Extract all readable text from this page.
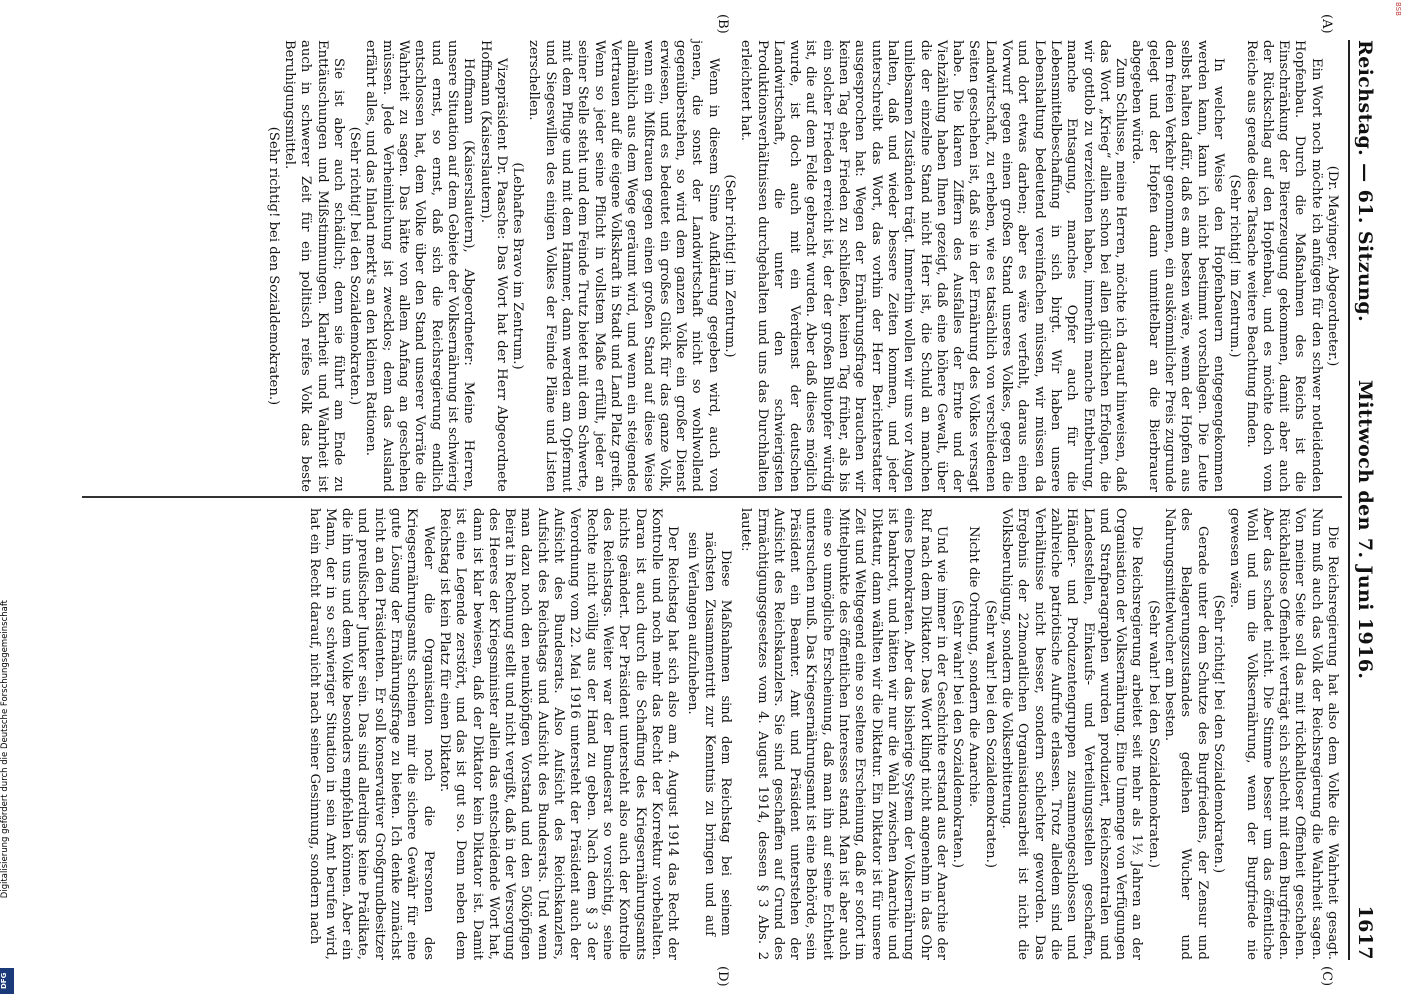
Reichstag. — 61. Sitzung.
Mittwoch den 7. Juni 1916.
1617
(A)
(B)
(C)
(D)

(Dr. Mayinger, Abgeordneter.)

Ein Wort noch möchte ich anfügen für den schwer notleidenden Hopfenbau. Durch die Maßnahmen des Reichs ist die Einschränkung der Biererzeugung gekommen, damit aber auch der Rückschlag auf den Hopfenbau, und es möchte doch vom Reiche aus gerade diese Tatsache weitere Beachtung finden.

(Sehr richtig! im Zentrum.)

In welcher Weise den Hopfenbauern entgegengekommen werden kann, kann ich nicht bestimmt vorschlagen. Die Leute selbst halten dafür, daß es am besten wäre, wenn der Hopfen aus dem freien Verkehr genommen, ein auskömmlicher Preis zugrunde gelegt und der Hopfen dann unmittelbar an die Bierbrauer abgegeben würde.

Zum Schlusse, meine Herren, möchte ich darauf hinweisen, daß das Wort „Krieg“ allein schon bei allen glücklichen Erfolgen, die wir gottlob zu verzeichnen haben, immerhin manche Entbehrung, manche Entsagung, manches Opfer auch für die Lebensmittelbeschaffung in sich birgt. Wir haben unsere Lebenshaltung bedeutend vereinfachen müssen, wir müssen da und dort etwas darben; aber es wäre verfehlt, daraus einen Vorwurf gegen einen großen Stand unseres Volkes, gegen die Landwirtschaft, zu erheben, wie es tatsächlich von verschiedenen Seiten geschehen ist, daß sie in der Ernährung des Volkes versagt habe. Die klaren Ziffern des Ausfalles der Ernte und der Viehzählung haben Ihnen gezeigt, daß eine höhere Gewalt, über die der einzelne Stand nicht Herr ist, die Schuld an manchen unliebsamen Zuständen trägt. Immerhin wollen wir uns vor Augen halten, daß und wieder bessere Zeiten kommen, und jeder unterschreibt das Wort, das vorhin der Herr Berichterstatter ausgesprochen hat: Wegen der Ernährungsfrage brauchen wir keinen Tag eher Frieden zu schließen, keinen Tag früher, als bis ein solcher Frieden erreicht ist, der der großen Blutopfer würdig ist, die auf dem Felde gebracht wurden. Aber daß dieses möglich wurde, ist doch auch mit ein Verdienst der deutschen Landwirtschaft, die unter den schwierigsten Produktionsverhältnissen durchgehalten und uns das Durchhalten erleichtert hat.

(Sehr richtig! im Zentrum.)

Wenn in diesem Sinne Aufklärung gegeben wird, auch von jenen, die sonst der Landwirtschaft nicht so wohlwollend gegenüberstehen, so wird dem ganzen Volke ein großer Dienst erwiesen, und es bedeutet ein großes Glück für das ganze Volk, wenn ein Mißtrauen gegen einen großen Stand auf diese Weise allmählich aus dem Wege geräumt wird, und wenn ein steigendes Vertrauen auf die eigene Volkskraft in Stadt und Land Platz greift. Wenn so jeder seine Pflicht in vollstem Maße erfüllt, jeder an seiner Stelle steht und dem Feinde Trutz bietet mit dem Schwerte, mit dem Pfluge und mit dem Hammer, dann werden am Opfermut und Siegeswillen des einigen Volkes der Feinde Pläne und Listen zerschellen.

(Lebhaftes Bravo im Zentrum.)

Vizepräsident Dr. Paasche: Das Wort hat der Herr Abgeordnete Hoffmann (Kaiserslautern).

Hoffmann (Kaiserslautern), Abgeordneter: Meine Herren, unsere Situation auf dem Gebiete der Volksernährung ist schwierig und ernst, so ernst, daß sich die Reichsregierung endlich entschlossen hat, dem Volke über den Stand unserer Vorräte die Wahrheit zu sagen. Das hätte von allem Anfang an geschehen müssen. Jede Verheimlichung ist zwecklos; denn das Ausland erfährt alles, und das Inland merkt's an den kleinen Rationen.

(Sehr richtig! bei den Sozialdemokraten.)

Sie ist aber auch schädlich; denn sie führt am Ende zu Enttäuschungen und Mißstimmungen. Klarheit und Wahrheit ist auch in schwerer Zeit für ein politisch reifes Volk das beste Beruhigungsmittel.

(Sehr richtig! bei den Sozialdemokraten.)

Die Reichsregierung hat also dem Volke die Wahrheit gesagt. Nun muß auch das Volk der Reichsregierung die Wahrheit sagen. Von meiner Seite soll das mit rückhaltloser Offenheit geschehen. Rückhaltlose Offenheit verträgt sich schlecht mit dem Burgfrieden. Aber das schadet nicht. Die Stimme besser um das öffentliche Wohl und um die Volksernährung, wenn der Burgfriede nie gewesen wäre.

(Sehr richtig! bei den Sozialdemokraten.)

Gerade unter dem Schutze des Burgfriedens, der Zensur und des Belagerungszustandes gediehen Wucher und Nahrungsmittelwucher am besten.

(Sehr wahr! bei den Sozialdemokraten.)

Die Reichsregierung arbeitet seit mehr als 1½ Jahren an der Organisation der Volksernährung. Eine Unmenge von Verfügungen und Strafparagraphen wurden produziert, Reichszentralen und Landesstellen, Einkaufs- und Verteilungsstellen geschaffen, Händler- und Produzentengruppen zusammengeschlossen und zahlreiche patriotische Aufrufe erlassen. Trotz alledem sind die Verhältnisse nicht besser, sondern schlechter geworden. Das Ergebnis der 22monatlichen Organisationsarbeit ist nicht die Volksberuhigung, sondern die Volkserbitterung.

(Sehr wahr! bei den Sozialdemokraten.)

Nicht die Ordnung, sondern die Anarchie.

(Sehr wahr! bei den Sozialdemokraten.)

Und wie immer in der Geschichte erstand aus der Anarchie der Ruf nach dem Diktator. Das Wort klingt nicht angenehm in das Ohr eines Demokraten. Aber das bisherige System der Volksernährung ist bankrott, und hätten wir nur die Wahl zwischen Anarchie und Diktatur, dann wählten wir die Diktatur. Ein Diktator ist für unsere Zeit und Weltgegend eine so seltene Erscheinung, daß er sofort im Mittelpunkte des öffentlichen Interesses stand. Man ist aber auch eine so unmögliche Erscheinung, daß man ihn auf seine Echtheit untersuchen muß. Das Kriegsernährungsamt ist eine Behörde, sein Präsident ein Beamter. Amt und Präsident unterstehen der Aufsicht des Reichskanzlers. Sie sind geschaffen auf Grund des Ermächtigungsgesetzes vom 4. August 1914, dessen § 3 Abs. 2 lautet:

Diese Maßnahmen sind dem Reichstag bei seinem nächsten Zusammentritt zur Kenntnis zu bringen und auf sein Verlangen aufzuheben.

Der Reichstag hat sich also am 4. August 1914 das Recht der Kontrolle und noch mehr das Recht der Korrektur vorbehalten. Daran ist auch durch die Schaffung des Kriegsernährungsamts nichts geändert. Der Präsident untersteht also auch der Kontrolle des Reichstags. Weiter war der Bundesrat so vorsichtig, seine Rechte nicht völlig aus der Hand zu geben. Nach dem § 3 der Verordnung vom 22. Mai 1916 untersteht der Präsident auch der Aufsicht des Bundesrats. Also Aufsicht des Reichskanzlers, Aufsicht des Reichstags und Aufsicht des Bundesrats. Und wenn man dazu noch den neunköpfigen Vorstand und den 50köpfigen Beirat in Rechnung stellt und nicht vergißt, daß in der Versorgung des Heeres der Kriegsminister allein das entscheidende Wort hat, dann ist klar bewiesen, daß der Diktator kein Diktator ist. Damit ist eine Legende zerstört, und das ist gut so. Denn neben dem Reichstag ist kein Platz für einen Diktator.

Weder die Organisation noch die Personen des Kriegsernährungsamts scheinen mir die sichere Gewähr für eine gute Lösung der Ernährungsfrage zu bieten. Ich denke zunächst nicht an den Präsidenten. Er soll konservativer Großgrundbesitzer und preußischer Junker sein. Das sind allerdings keine Prädikate, die ihn uns und dem Volke besonders empfehlen können. Aber ein Mann, der in so schwieriger Situation in sein Amt berufen wird, hat ein Recht darauf, nicht nach seiner Gesinnung, sondern nach

Digitalisierung gefördert durch die Deutsche Forschungsgemeinschaft
DFG
BSB
